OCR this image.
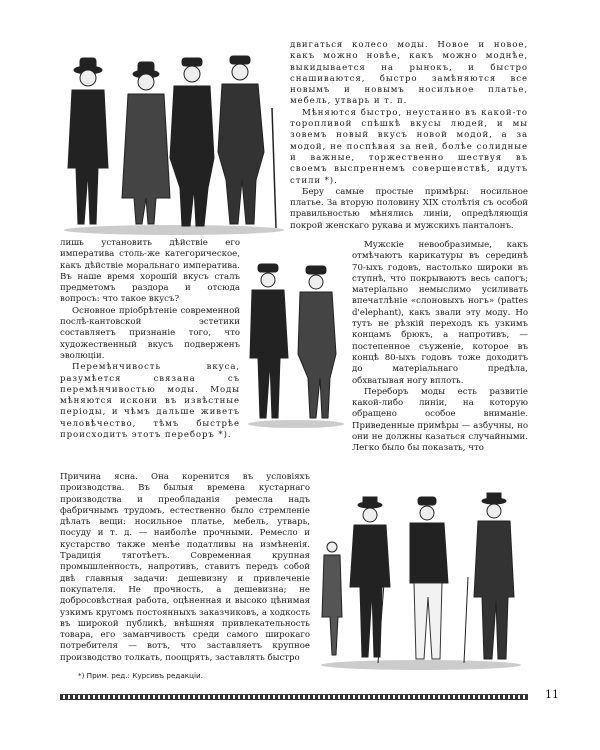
двигаться колесо моды. Новое и новое, какъ можно новѣе, какъ можно моднѣе, выкидывается на рынокъ, и быстро снашиваются, быстро замѣняются все новымъ и новымъ носильное платье, мебель, утварь и т. п.

Мѣняются быстро, неустанно въ какой-то торопливой спѣшкѣ вкусы людей, и мы зовемъ новый вкусъ новой модой, а за модой, не поспѣвая за ней, болѣе солидные и важные, торжественно шествуя въ своемъ выспреннемъ совершенствѣ, идутъ стили *).

Беру самые простые примѣры: носильное платье. За вторую половину XIX столѣтія съ особой правильностью мѣнялись линіи, опредѣляющія покрой женскаго рукава и мужскихъ панталонъ.

лишь установить дѣйствіе его императива столь-же категорическое, какъ дѣйствіе моральнаго императива. Въ наше время хорошій вкусъ сталъ предметомъ раздора и отсюда вопросъ: что такое вкусъ?

Основное пріобрѣтеніе современной послѣ-кантовской эстетики составляетъ признаніе того, что художественный вкусъ подверженъ эволюціи.

Перемѣнчивость вкуса, разумѣется связана съ перемѣнчивостью моды. Моды мѣняются искони въ извѣстные періоды, и чѣмъ дальше живетъ человѣчество, тѣмъ быстрѣе происходитъ этотъ переборъ *).

Мужскіе невообразимые, какъ отмѣчаютъ карикатуры въ серединѣ 70-ыхъ годовъ, настолько широки въ ступнѣ, что покрываютъ весь сапогъ; матеріально немыслимо усиливать впечатлѣніе «слоновыхъ ногъ» (pattes d'elephant), какъ звали эту моду. Но тутъ не рѣзкій переходъ къ узкимъ концамъ брюкъ, а напротивъ, — постепенное съуженіе, которое въ концѣ 80-ыхъ годовъ тоже доходитъ до матеріальнаго предѣла, обхватывая ногу вплоть.

Переборъ моды есть развитіе какой-либо линіи, на которую обращено особое вниманіе. Приведенные примѣры — азбучны, но они не должны казаться случайными. Легко было бы показать, что

Причина ясна. Она коренится въ условіяхъ производства. Въ былыя времена кустарнаго производства и преобладанія ремесла надъ фабричнымъ трудомъ, естественно было стремленіе дѣлать вещи: носильное платье, мебель, утварь, посуду и т. д. — наиболѣе прочными. Ремесло и кустарство также менѣе податливы на измѣненія. Традиція тяготѣетъ. Современная крупная промышленность, напротивъ, ставитъ передъ собой двѣ главныя задачи: дешевизну и привлеченіе покупателя. Не прочность, а дешевизна; не добросовѣстная работа, оцѣненная и высоко цѣнимая узкимъ кругомъ постоянныхъ заказчиковъ, а ходкость въ широкой публикѣ, внѣшняя привлекательность товара, его заманчивость среди самого широкаго потребителя — вотъ, что заставляетъ крупное производство толкать, поощрять, заставлять быстро

*) Прим. ред.: Курсивъ редакціи.
11
